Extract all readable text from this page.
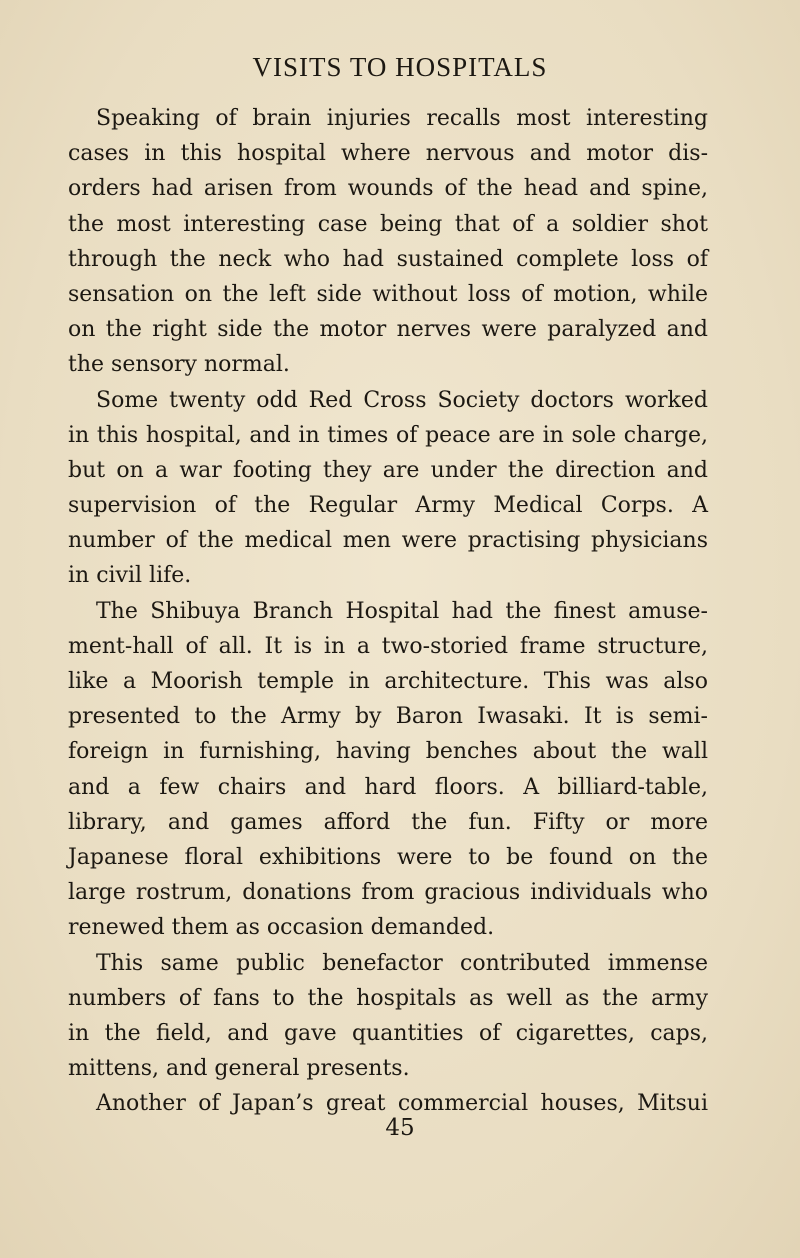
VISITS TO HOSPITALS
Speaking of brain injuries recalls most interesting
cases in this hospital where nervous and motor dis-
orders had arisen from wounds of the head and spine,
the most interesting case being that of a soldier shot
through the neck who had sustained complete loss of
sensation on the left side without loss of motion, while
on the right side the motor nerves were paralyzed and
the sensory normal.
Some twenty odd Red Cross Society doctors worked
in this hospital, and in times of peace are in sole charge,
but on a war footing they are under the direction and
supervision of the Regular Army Medical Corps. A
number of the medical men were practising physicians
in civil life.
The Shibuya Branch Hospital had the finest amuse-
ment-hall of all. It is in a two-storied frame structure,
like a Moorish temple in architecture. This was also
presented to the Army by Baron Iwasaki. It is semi-
foreign in furnishing, having benches about the wall
and a few chairs and hard floors. A billiard-table,
library, and games afford the fun. Fifty or more
Japanese floral exhibitions were to be found on the
large rostrum, donations from gracious individuals who
renewed them as occasion demanded.
This same public benefactor contributed immense
numbers of fans to the hospitals as well as the army
in the field, and gave quantities of cigarettes, caps,
mittens, and general presents.
Another of Japan’s great commercial houses, Mitsui
45
